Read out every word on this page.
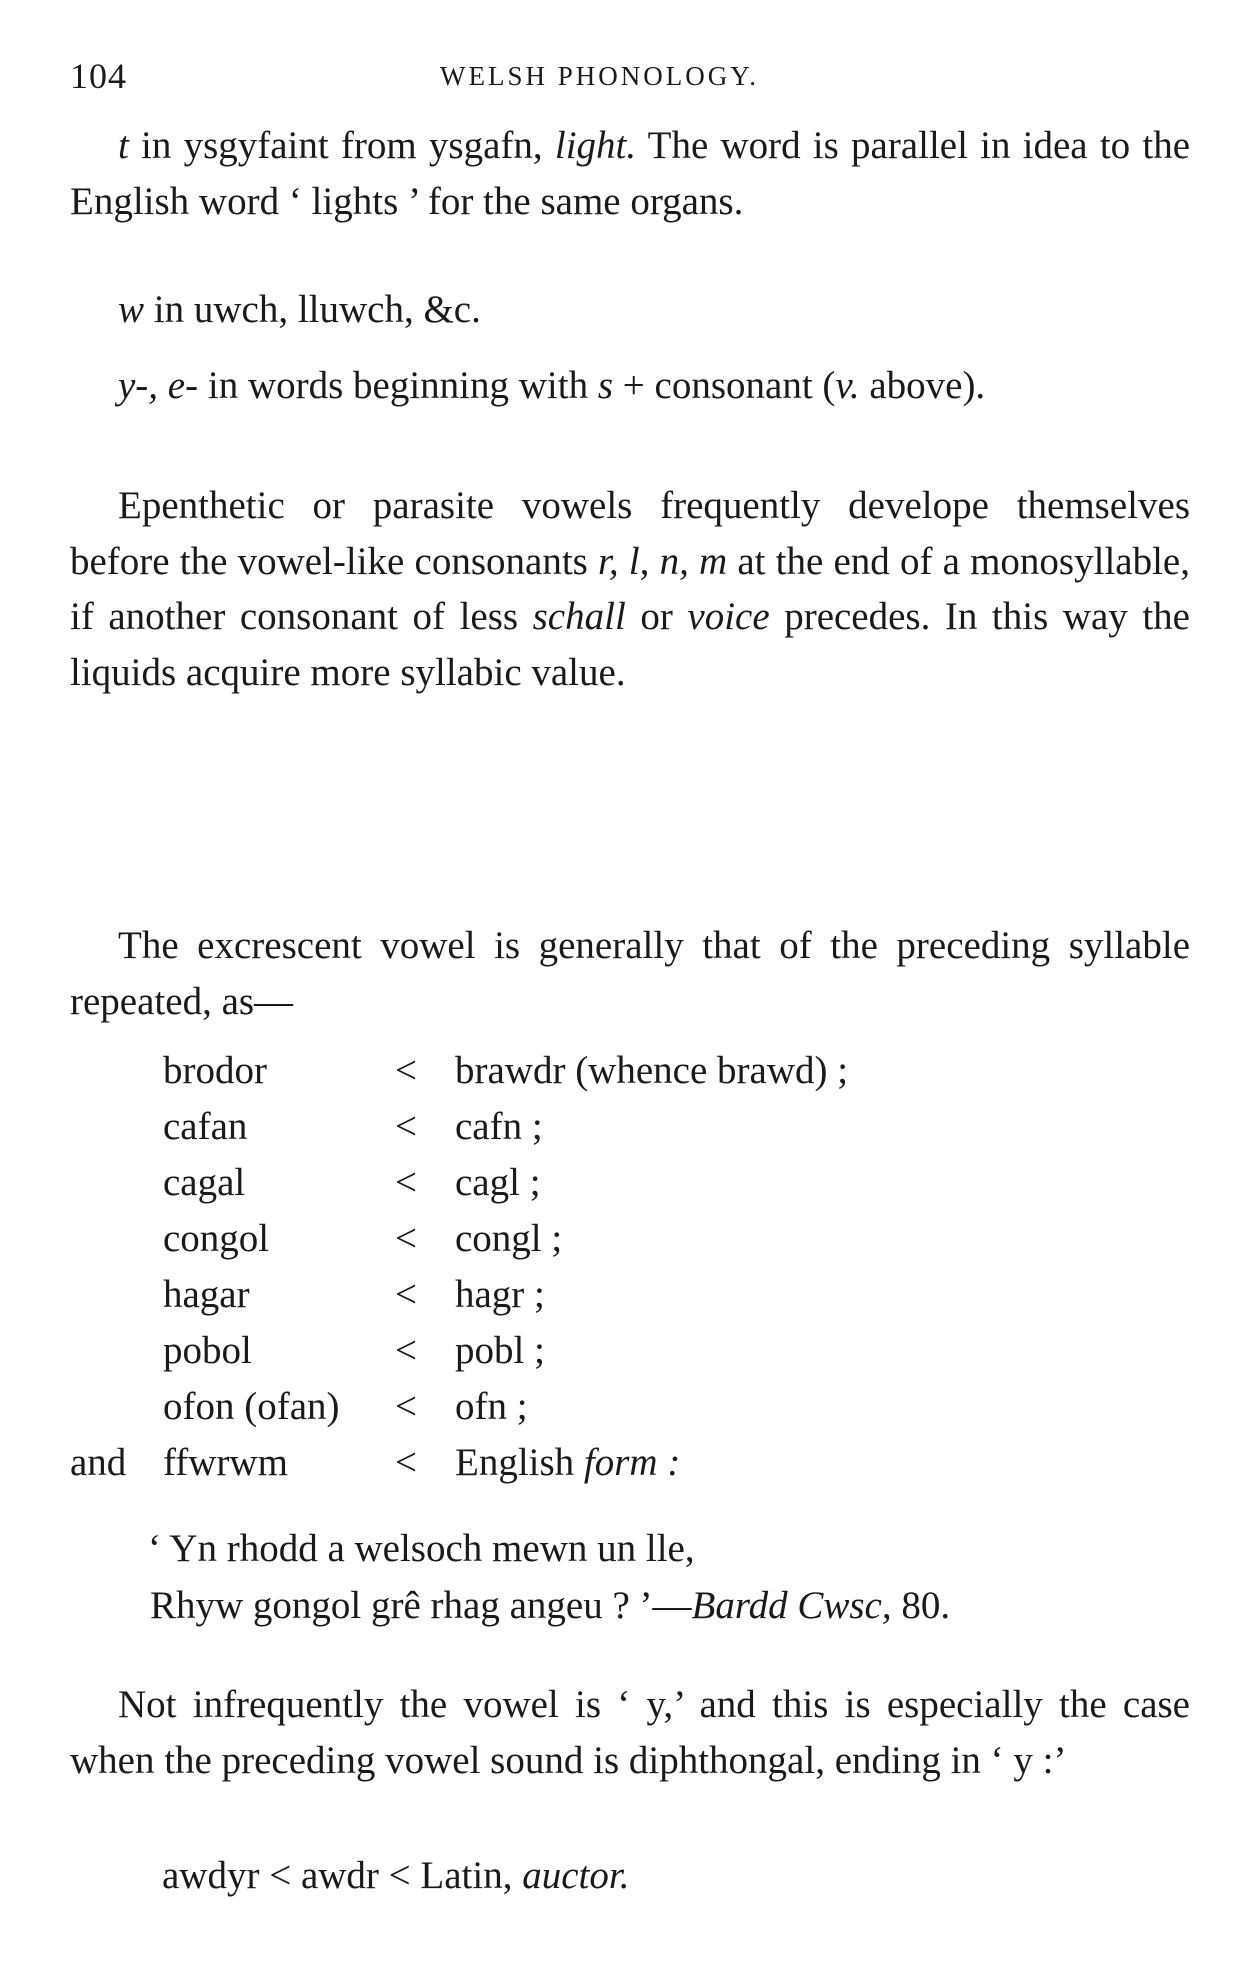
104	WELSH PHONOLOGY.

t in ysgyfaint from ysgafn, light. The word is parallel in idea to the English word ‘ lights ’ for the same organs.

w in uwch, lluwch, &c.

y-, e- in words beginning with s + consonant (v. above).

Epenthetic or parasite vowels frequently develope themselves before the vowel-like consonants r, l, n, m at the end of a monosyllable, if another consonant of less schall or voice precedes. In this way the liquids acquire more syllabic value.

The excrescent vowel is generally that of the preceding syllable repeated, as—

brodor	< brawdr (whence brawd) ;
cafan	< cafn ;
cagal	< cagl ;
congol	< congl ;
hagar	< hagr ;
pobol	< pobl ;
ofon (ofan) < ofn ;
and ffwrwm	< English form :
‘ Yn rhodd a welsoch mewn un lle,
Rhyw gongol grê rhag angeu ? ’—Bardd Cwsc, 80.

Not infrequently the vowel is ‘ y,’ and this is especially the case when the preceding vowel sound is diphthongal, ending in ‘ y :’

awdyr < awdr < Latin, auctor.
